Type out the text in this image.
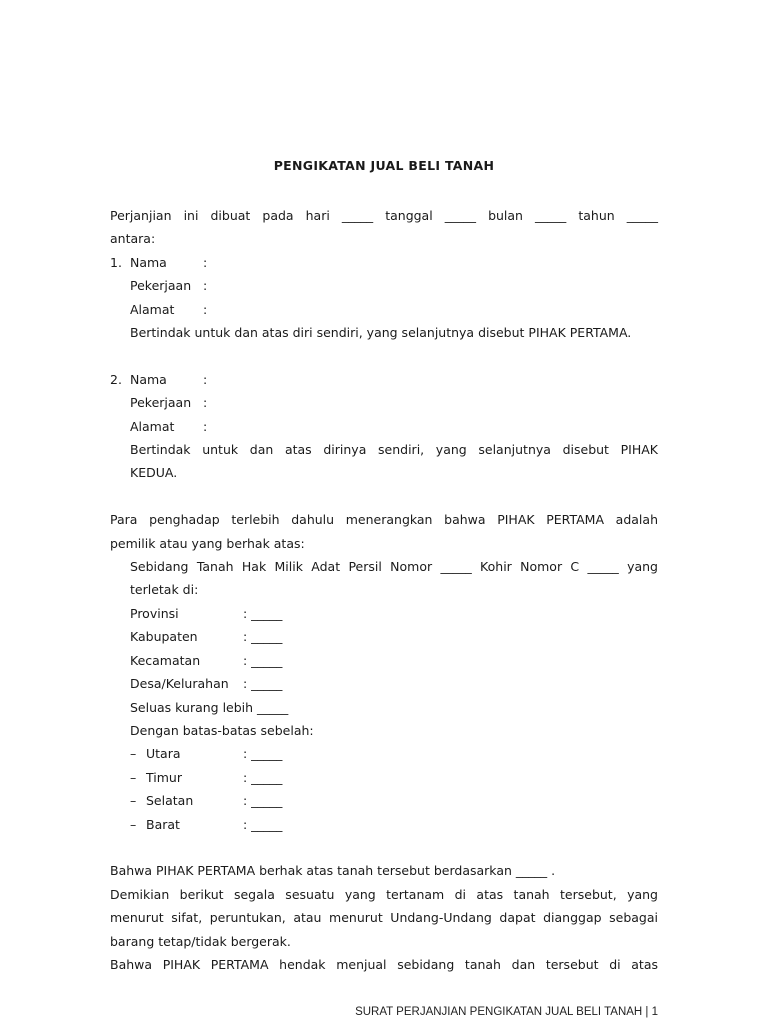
PENGIKATAN JUAL BELI TANAH

Perjanjian ini dibuat pada hari _____ tanggal _____ bulan _____ tahun _____

antara:

1. Nama	:
Pekerjaan :
Alamat	:

Bertindak untuk dan atas diri sendiri, yang selanjutnya disebut PIHAK PERTAMA.

2. Nama	:
Pekerjaan :
Alamat	:

Bertindak untuk dan atas dirinya sendiri, yang selanjutnya disebut PIHAK

KEDUA.

Para penghadap terlebih dahulu menerangkan bahwa PIHAK PERTAMA adalah

pemilik atau yang berhak atas:

Sebidang Tanah Hak Milik Adat Persil Nomor _____ Kohir Nomor C _____ yang

terletak di:

Provinsi	: _____
Kabupaten	: _____
Kecamatan	: _____
Desa/Kelurahan	: _____

Seluas kurang lebih _____

Dengan batas-batas sebelah:

– Utara	: _____
– Timur	: _____
– Selatan	: _____
– Barat	: _____

Bahwa PIHAK PERTAMA berhak atas tanah tersebut berdasarkan _____ .

Demikian berikut segala sesuatu yang tertanam di atas tanah tersebut, yang

menurut sifat, peruntukan, atau menurut Undang-Undang dapat dianggap sebagai

barang tetap/tidak bergerak.

Bahwa PIHAK PERTAMA hendak menjual sebidang tanah dan tersebut di atas

SURAT PERJANJIAN PENGIKATAN JUAL BELI TANAH | 1
